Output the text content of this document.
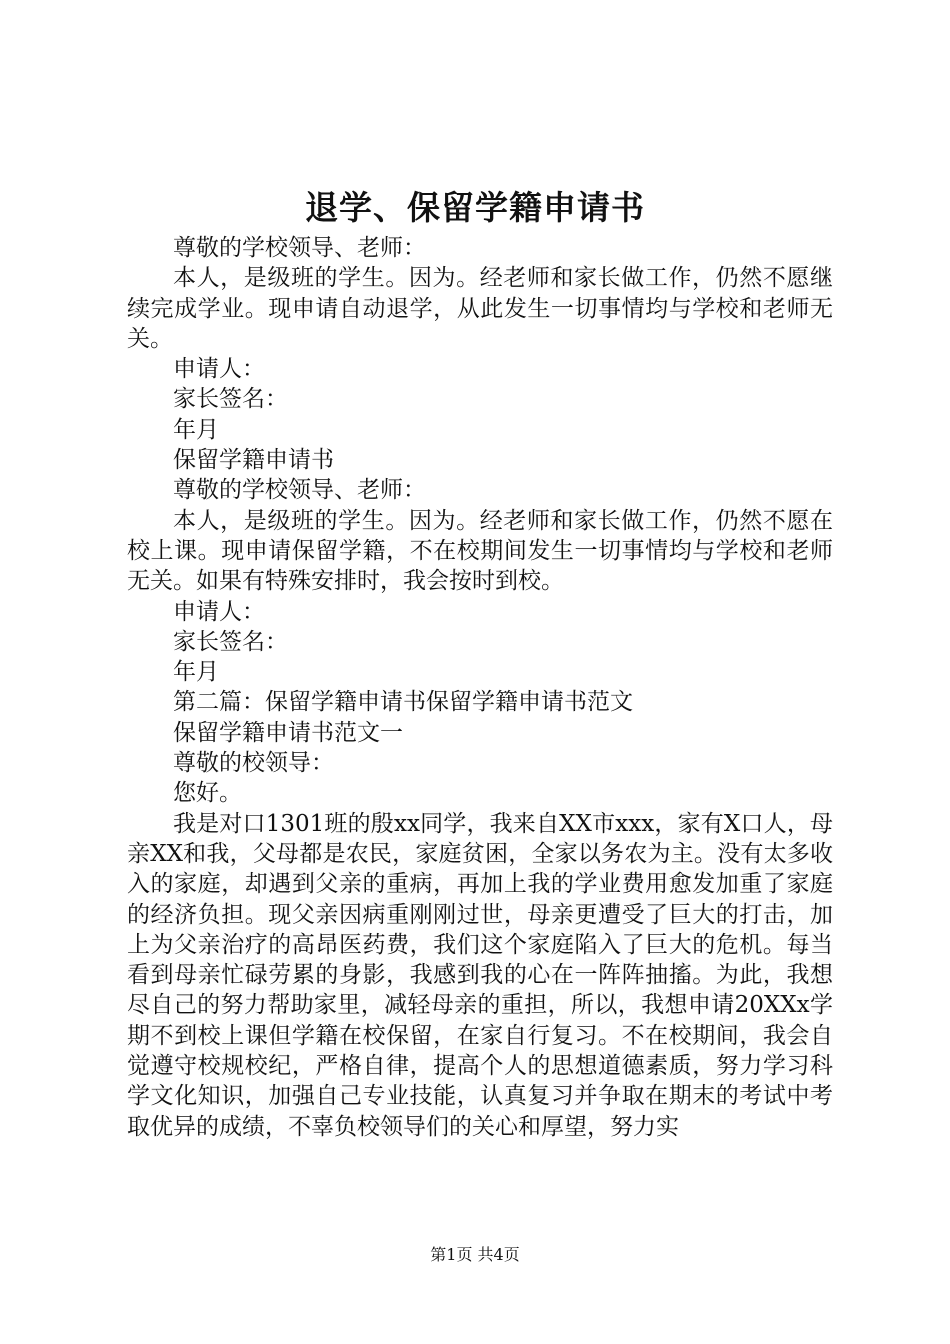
退学、保留学籍申请书

尊敬的学校领导、老师：

本人，是级班的学生。因为。经老师和家长做工作，仍然不愿继续完成学业。现申请自动退学，从此发生一切事情均与学校和老师无关。

申请人：

家长签名：

年月

保留学籍申请书

尊敬的学校领导、老师：

本人，是级班的学生。因为。经老师和家长做工作，仍然不愿在校上课。现申请保留学籍，不在校期间发生一切事情均与学校和老师无关。如果有特殊安排时，我会按时到校。

申请人：

家长签名：

年月

第二篇：保留学籍申请书保留学籍申请书范文

保留学籍申请书范文一

尊敬的校领导：

您好。

我是对口1301班的殷xx同学，我来自XX市xxx，家有X口人，母亲XX和我，父母都是农民，家庭贫困，全家以务农为主。没有太多收入的家庭，却遇到父亲的重病，再加上我的学业费用愈发加重了家庭的经济负担。现父亲因病重刚刚过世，母亲更遭受了巨大的打击，加上为父亲治疗的高昂医药费，我们这个家庭陷入了巨大的危机。每当看到母亲忙碌劳累的身影，我感到我的心在一阵阵抽搐。为此，我想尽自己的努力帮助家里，减轻母亲的重担，所以，我想申请20XXx学期不到校上课但学籍在校保留，在家自行复习。不在校期间，我会自觉遵守校规校纪，严格自律，提高个人的思想道德素质，努力学习科学文化知识，加强自己专业技能，认真复习并争取在期末的考试中考取优异的成绩，不辜负校领导们的关心和厚望，努力实

第1页 共4页
